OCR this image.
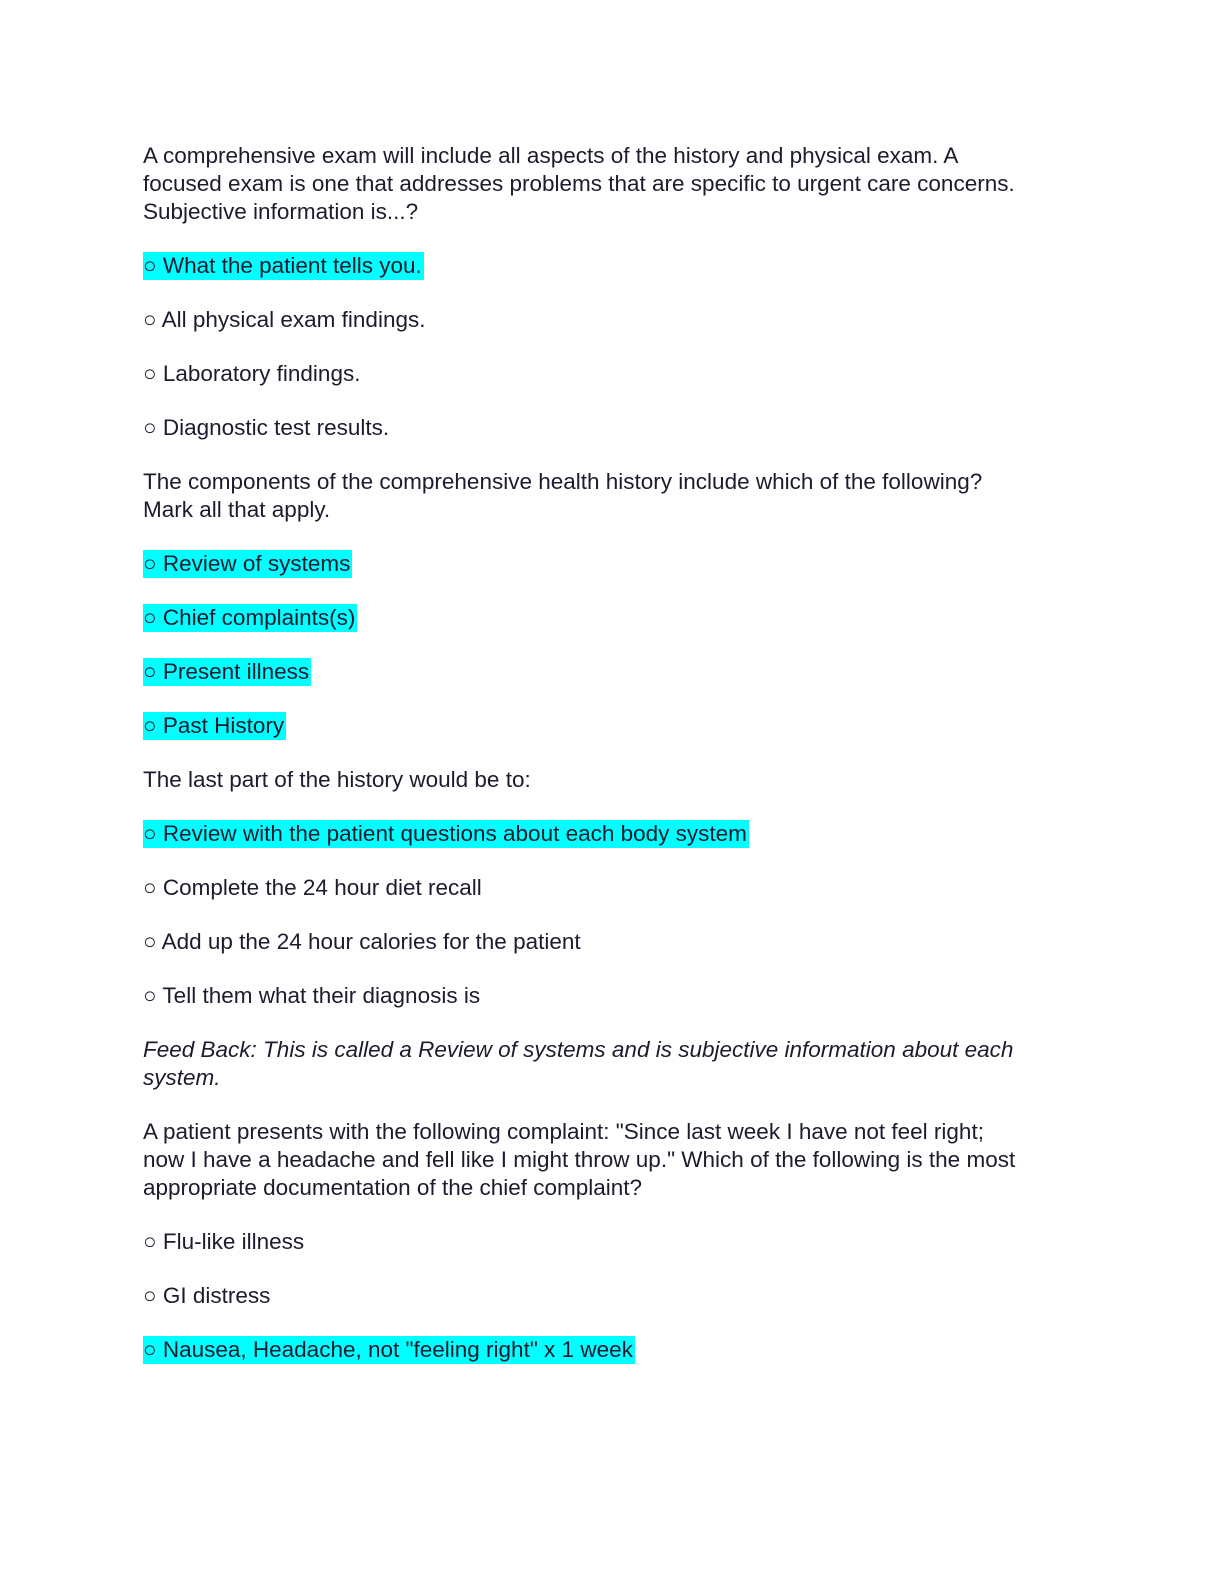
A comprehensive exam will include all aspects of the history and physical exam. A
focused exam is one that addresses problems that are specific to urgent care concerns.
Subjective information is...?

○ What the patient tells you.
○ All physical exam findings.
○ Laboratory findings.
○ Diagnostic test results.

The components of the comprehensive health history include which of the following?
Mark all that apply.

○ Review of systems
○ Chief complaints(s)
○ Present illness
○ Past History

The last part of the history would be to:

○ Review with the patient questions about each body system
○ Complete the 24 hour diet recall
○ Add up the 24 hour calories for the patient
○ Tell them what their diagnosis is

Feed Back: This is called a Review of systems and is subjective information about each
system.

A patient presents with the following complaint: "Since last week I have not feel right;
now I have a headache and fell like I might throw up." Which of the following is the most
appropriate documentation of the chief complaint?

○ Flu-like illness
○ GI distress
○ Nausea, Headache, not "feeling right" x 1 week
